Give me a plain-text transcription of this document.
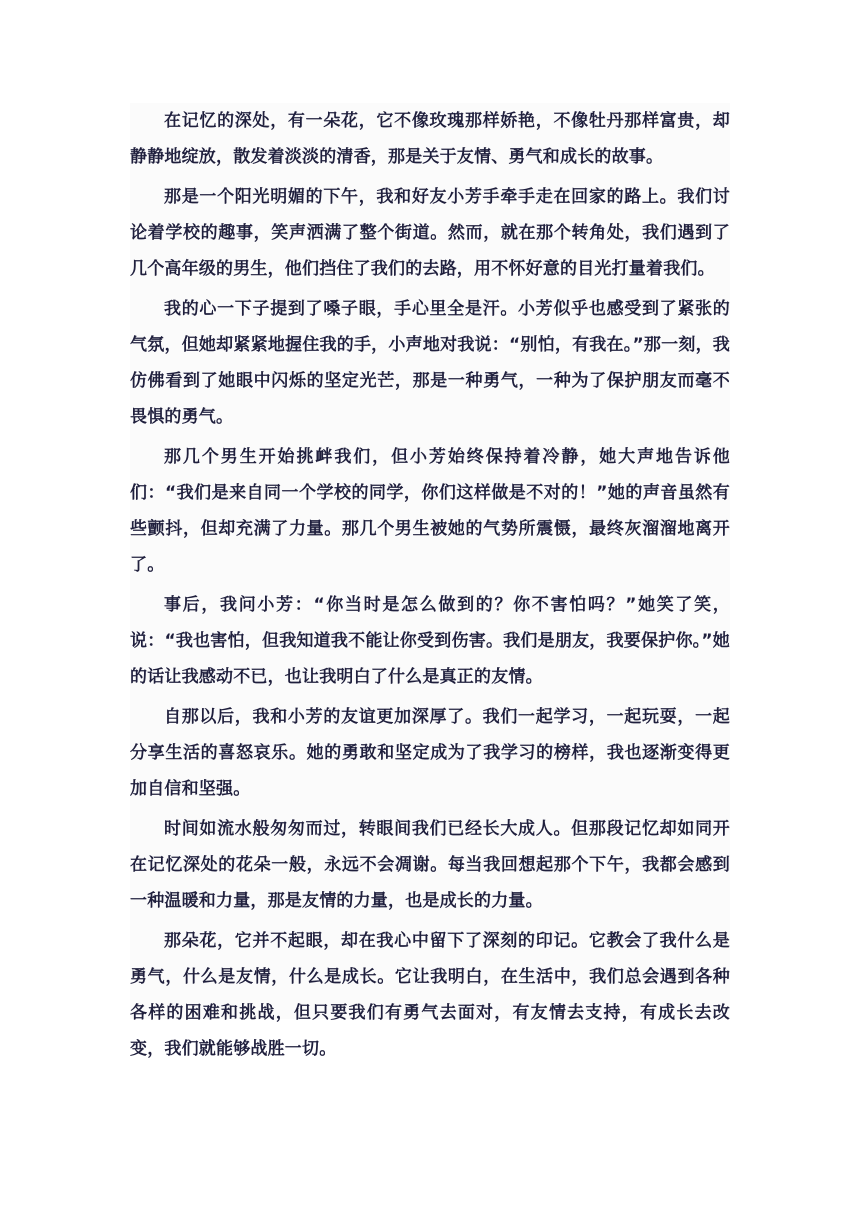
在记忆的深处，有一朵花，它不像玫瑰那样娇艳，不像牡丹那样富贵，却静静地绽放，散发着淡淡的清香，那是关于友情、勇气和成长的故事。

那是一个阳光明媚的下午，我和好友小芳手牵手走在回家的路上。我们讨论着学校的趣事，笑声洒满了整个街道。然而，就在那个转角处，我们遇到了几个高年级的男生，他们挡住了我们的去路，用不怀好意的目光打量着我们。

我的心一下子提到了嗓子眼，手心里全是汗。小芳似乎也感受到了紧张的气氛，但她却紧紧地握住我的手，小声地对我说：“别怕，有我在。”那一刻，我仿佛看到了她眼中闪烁的坚定光芒，那是一种勇气，一种为了保护朋友而毫不畏惧的勇气。

那几个男生开始挑衅我们，但小芳始终保持着冷静，她大声地告诉他们：“我们是来自同一个学校的同学，你们这样做是不对的！”她的声音虽然有些颤抖，但却充满了力量。那几个男生被她的气势所震慑，最终灰溜溜地离开了。

事后，我问小芳：“你当时是怎么做到的？你不害怕吗？”她笑了笑，说：“我也害怕，但我知道我不能让你受到伤害。我们是朋友，我要保护你。”她的话让我感动不已，也让我明白了什么是真正的友情。

自那以后，我和小芳的友谊更加深厚了。我们一起学习，一起玩耍，一起分享生活的喜怒哀乐。她的勇敢和坚定成为了我学习的榜样，我也逐渐变得更加自信和坚强。

时间如流水般匆匆而过，转眼间我们已经长大成人。但那段记忆却如同开在记忆深处的花朵一般，永远不会凋谢。每当我回想起那个下午，我都会感到一种温暖和力量，那是友情的力量，也是成长的力量。

那朵花，它并不起眼，却在我心中留下了深刻的印记。它教会了我什么是勇气，什么是友情，什么是成长。它让我明白，在生活中，我们总会遇到各种各样的困难和挑战，但只要我们有勇气去面对，有友情去支持，有成长去改变，我们就能够战胜一切。
